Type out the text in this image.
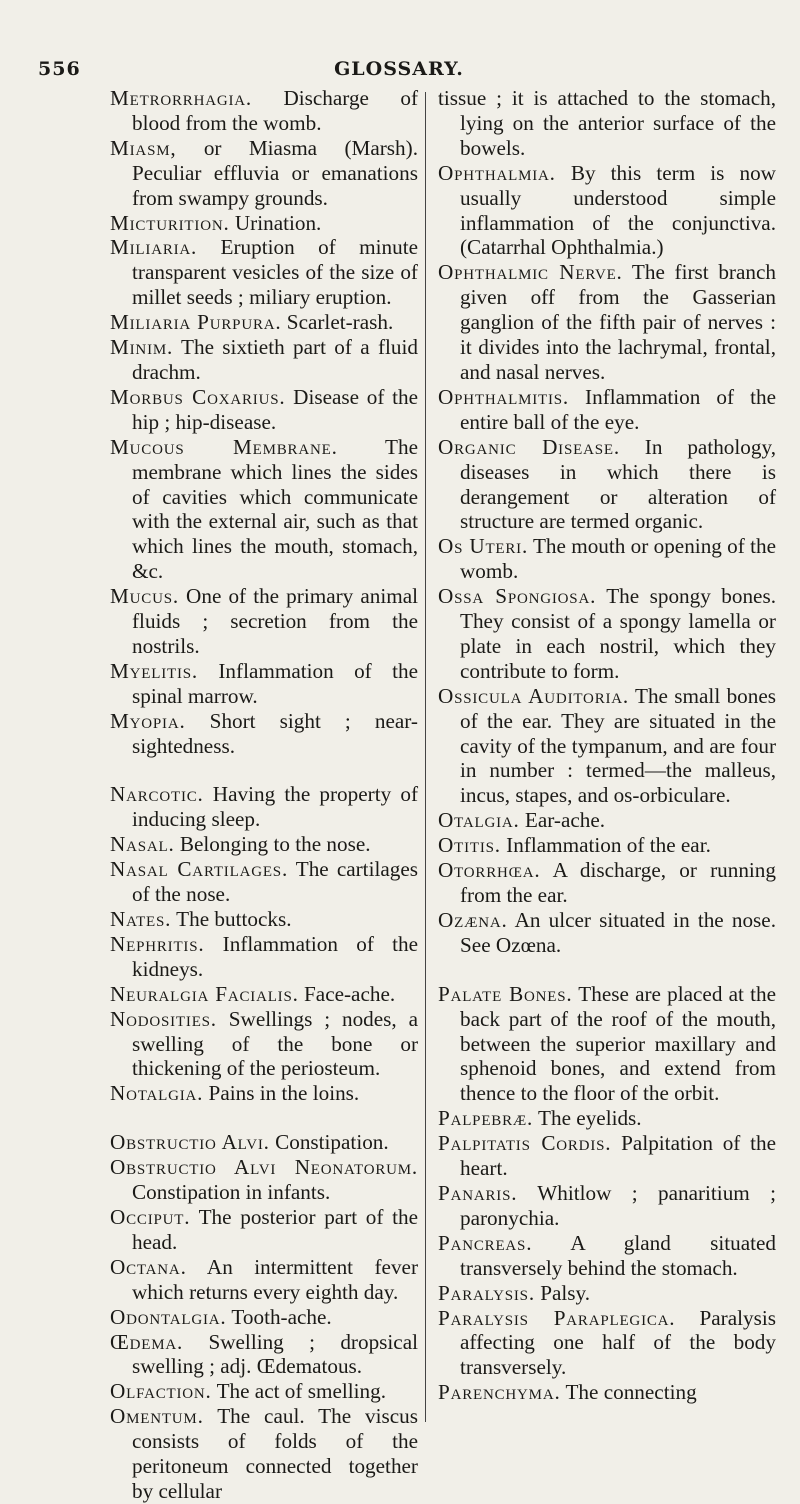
556	GLOSSARY.

Metrorrhagia. Discharge of blood from the womb.

Miasm, or Miasma (Marsh). Peculiar effluvia or emanations from swampy grounds.

Micturition. Urination.

Miliaria. Eruption of minute transparent vesicles of the size of millet seeds ; miliary eruption.

Miliaria Purpura. Scarlet-rash.

Minim. The sixtieth part of a fluid drachm.

Morbus Coxarius. Disease of the hip ; hip-disease.

Mucous Membrane. The membrane which lines the sides of cavities which communicate with the external air, such as that which lines the mouth, stomach, &c.

Mucus. One of the primary animal fluids ; secretion from the nostrils.

Myelitis. Inflammation of the spinal marrow.

Myopia. Short sight ; near-sightedness.

Narcotic. Having the property of inducing sleep.

Nasal. Belonging to the nose.

Nasal Cartilages. The cartilages of the nose.

Nates. The buttocks.

Nephritis. Inflammation of the kidneys.

Neuralgia Facialis. Face-ache.

Nodosities. Swellings ; nodes, a swelling of the bone or thickening of the periosteum.

Notalgia. Pains in the loins.

Obstructio Alvi. Constipation.

Obstructio Alvi Neonatorum. Constipation in infants.

Occiput. The posterior part of the head.

Octana. An intermittent fever which returns every eighth day.

Odontalgia. Tooth-ache.

Œdema. Swelling ; dropsical swelling ; adj. Œdematous.

Olfaction. The act of smelling.

Omentum. The caul. The viscus consists of folds of the peritoneum connected together by cellular

tissue ; it is attached to the stomach, lying on the anterior surface of the bowels.

Ophthalmia. By this term is now usually understood simple inflammation of the conjunctiva. (Catarrhal Ophthalmia.)

Ophthalmic Nerve. The first branch given off from the Gasserian ganglion of the fifth pair of nerves : it divides into the lachrymal, frontal, and nasal nerves.

Ophthalmitis. Inflammation of the entire ball of the eye.

Organic Disease. In pathology, diseases in which there is derangement or alteration of structure are termed organic.

Os Uteri. The mouth or opening of the womb.

Ossa Spongiosa. The spongy bones. They consist of a spongy lamella or plate in each nostril, which they contribute to form.

Ossicula Auditoria. The small bones of the ear. They are situated in the cavity of the tympanum, and are four in number : termed—the malleus, incus, stapes, and os-orbiculare.

Otalgia. Ear-ache.

Otitis. Inflammation of the ear.

Otorrhœa. A discharge, or running from the ear.

Ozæna. An ulcer situated in the nose. See Ozœna.

Palate Bones. These are placed at the back part of the roof of the mouth, between the superior maxillary and sphenoid bones, and extend from thence to the floor of the orbit.

Palpebræ. The eyelids.

Palpitatis Cordis. Palpitation of the heart.

Panaris. Whitlow ; panaritium ; paronychia.

Pancreas. A gland situated transversely behind the stomach.

Paralysis. Palsy.

Paralysis Paraplegica. Paralysis affecting one half of the body transversely.

Parenchyma. The connecting
